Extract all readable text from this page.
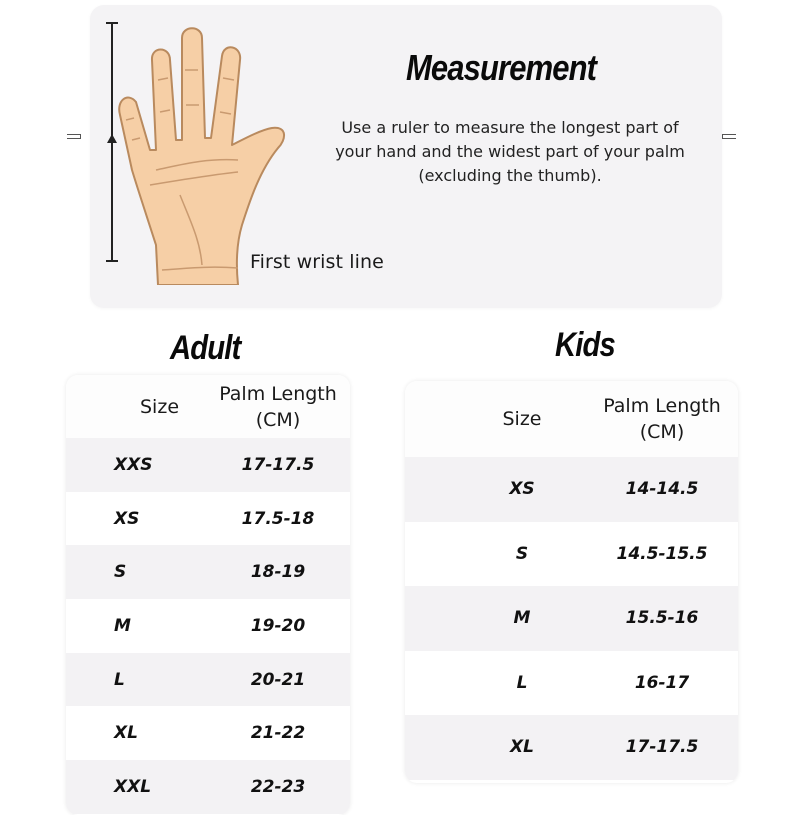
First wrist line
Measurement
Use a ruler to measure the longest part of your hand and the widest part of your palm (excluding the thumb).
Adult	Kids
Size
Palm Length
(CM)
XXS	17-17.5
XS	17.5-18
S	18-19
M	19-20
L	20-21
XL	21-22
XXL	22-23
Size
Palm Length
(CM)
XS	14-14.5
S	14.5-15.5
M	15.5-16
L	16-17
XL	17-17.5
